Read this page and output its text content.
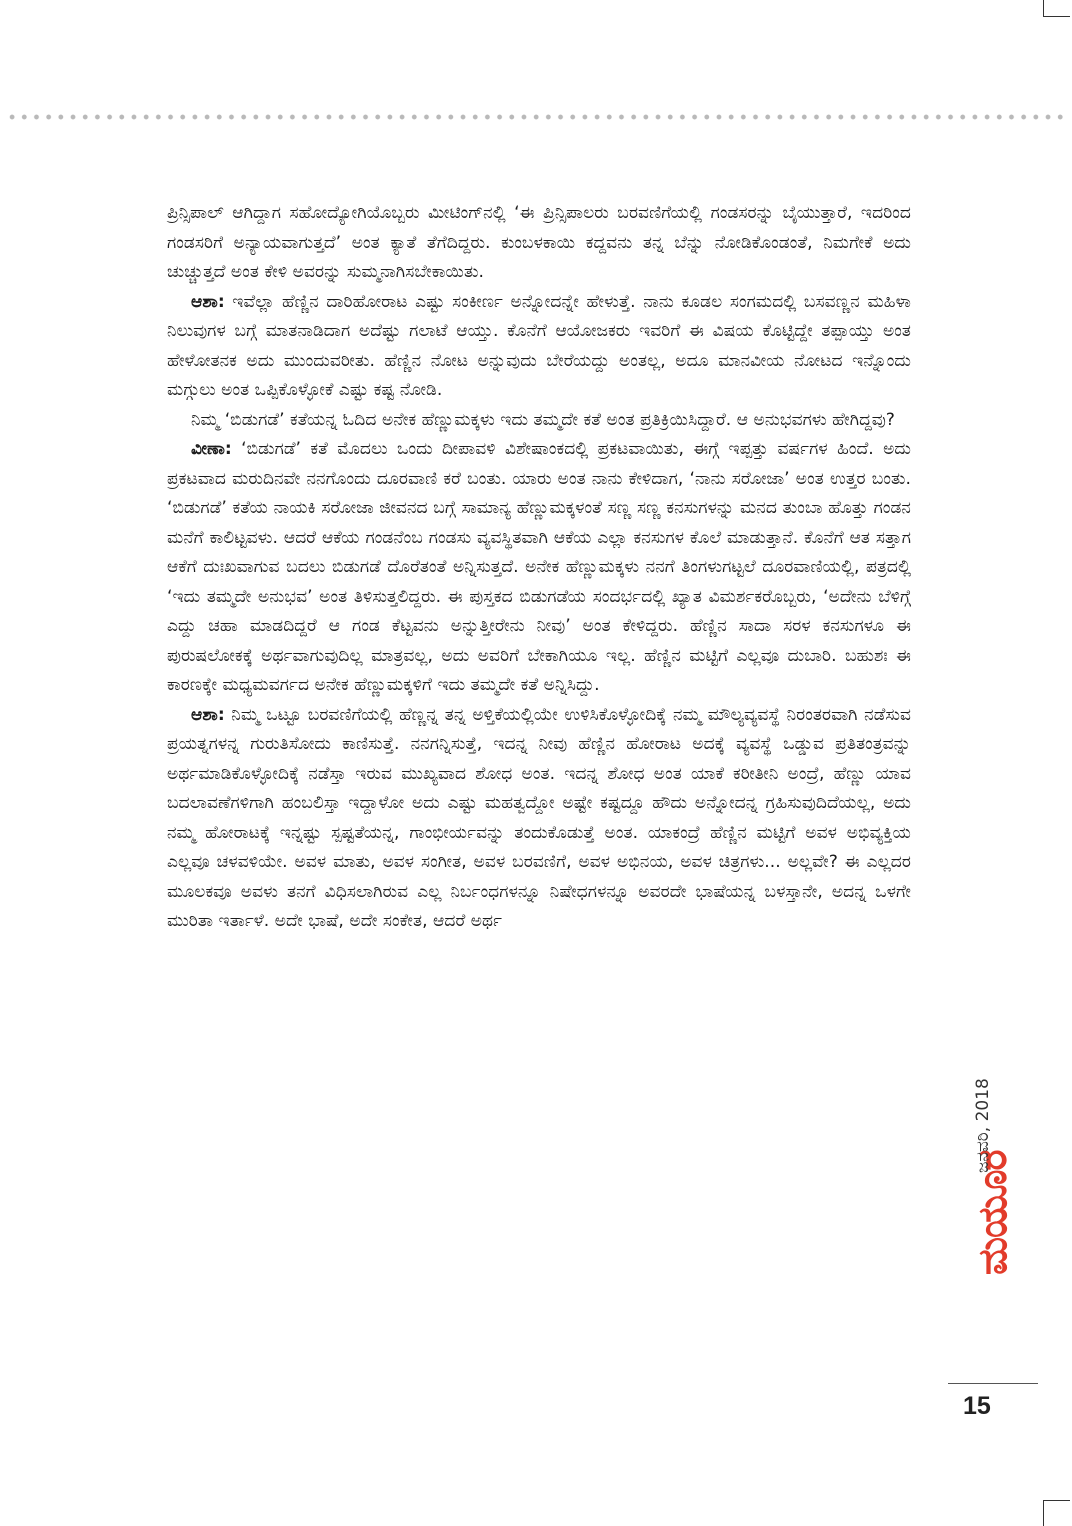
ಪ್ರಿನ್ಸಿಪಾಲ್ ಆಗಿದ್ದಾಗ ಸಹೋದ್ಯೋಗಿಯೊಬ್ಬರು ಮೀಟಿಂಗ್‌ನಲ್ಲಿ ‘ಈ ಪ್ರಿನ್ಸಿಪಾಲರು ಬರವಣಿಗೆಯಲ್ಲಿ ಗಂಡಸರನ್ನು ಬೈಯುತ್ತಾರೆ, ಇದರಿಂದ ಗಂಡಸರಿಗೆ ಅನ್ಯಾಯವಾಗುತ್ತದೆ’ ಅಂತ ಕ್ಯಾತೆ ತೆಗೆದಿದ್ದರು. ಕುಂಬಳಕಾಯಿ ಕದ್ದವನು ತನ್ನ ಬೆನ್ನು ನೋಡಿಕೊಂಡಂತೆ, ನಿಮಗೇಕೆ ಅದು ಚುಚ್ಚುತ್ತದೆ ಅಂತ ಕೇಳಿ ಅವರನ್ನು ಸುಮ್ಮನಾಗಿಸಬೇಕಾಯಿತು.

ಆಶಾ: ಇವೆಲ್ಲಾ ಹೆಣ್ಣಿನ ದಾರಿಹೋರಾಟ ಎಷ್ಟು ಸಂಕೀರ್ಣ ಅನ್ನೋದನ್ನೇ ಹೇಳುತ್ತೆ. ನಾನು ಕೂಡಲ ಸಂಗಮದಲ್ಲಿ ಬಸವಣ್ಣನ ಮಹಿಳಾ ನಿಲುವುಗಳ ಬಗ್ಗೆ ಮಾತನಾಡಿದಾಗ ಅದೆಷ್ಟು ಗಲಾಟೆ ಆಯ್ತು. ಕೊನೆಗೆ ಆಯೋಜಕರು ಇವರಿಗೆ ಈ ವಿಷಯ ಕೊಟ್ಟಿದ್ದೇ ತಪ್ಪಾಯ್ತು ಅಂತ ಹೇಳೋತನಕ ಅದು ಮುಂದುವರೀತು. ಹೆಣ್ಣಿನ ನೋಟ ಅನ್ನುವುದು ಬೇರೆಯದ್ದು ಅಂತಲ್ಲ, ಅದೂ ಮಾನವೀಯ ನೋಟದ ಇನ್ನೊಂದು ಮಗ್ಗುಲು ಅಂತ ಒಪ್ಪಿಕೊಳ್ಳೋಕೆ ಎಷ್ಟು ಕಷ್ಟ ನೋಡಿ.

ನಿಮ್ಮ ‘ಬಿಡುಗಡೆ’ ಕತೆಯನ್ನ ಓದಿದ ಅನೇಕ ಹೆಣ್ಣುಮಕ್ಕಳು ಇದು ತಮ್ಮದೇ ಕತೆ ಅಂತ ಪ್ರತಿಕ್ರಿಯಿಸಿದ್ದಾರೆ. ಆ ಅನುಭವಗಳು ಹೇಗಿದ್ದವು?

ವೀಣಾ: ‘ಬಿಡುಗಡೆ’ ಕತೆ ಮೊದಲು ಒಂದು ದೀಪಾವಳಿ ವಿಶೇಷಾಂಕದಲ್ಲಿ ಪ್ರಕಟವಾಯಿತು, ಈಗ್ಗೆ ಇಪ್ಪತ್ತು ವರ್ಷಗಳ ಹಿಂದೆ. ಅದು ಪ್ರಕಟವಾದ ಮರುದಿನವೇ ನನಗೊಂದು ದೂರವಾಣಿ ಕರೆ ಬಂತು. ಯಾರು ಅಂತ ನಾನು ಕೇಳಿದಾಗ, ‘ನಾನು ಸರೋಜಾ’ ಅಂತ ಉತ್ತರ ಬಂತು. ‘ಬಿಡುಗಡೆ’ ಕತೆಯ ನಾಯಕಿ ಸರೋಜಾ ಜೀವನದ ಬಗ್ಗೆ ಸಾಮಾನ್ಯ ಹೆಣ್ಣುಮಕ್ಕಳಂತೆ ಸಣ್ಣ ಸಣ್ಣ ಕನಸುಗಳನ್ನು ಮನದ ತುಂಬಾ ಹೊತ್ತು ಗಂಡನ ಮನೆಗೆ ಕಾಲಿಟ್ಟವಳು. ಆದರೆ ಆಕೆಯ ಗಂಡನೆಂಬ ಗಂಡಸು ವ್ಯವಸ್ಥಿತವಾಗಿ ಆಕೆಯ ಎಲ್ಲಾ ಕನಸುಗಳ ಕೊಲೆ ಮಾಡುತ್ತಾನೆ. ಕೊನೆಗೆ ಆತ ಸತ್ತಾಗ ಆಕೆಗೆ ದುಃಖವಾಗುವ ಬದಲು ಬಿಡುಗಡೆ ದೊರೆತಂತೆ ಅನ್ನಿಸುತ್ತದೆ. ಅನೇಕ ಹೆಣ್ಣುಮಕ್ಕಳು ನನಗೆ ತಿಂಗಳುಗಟ್ಟಲೆ ದೂರವಾಣಿಯಲ್ಲಿ, ಪತ್ರದಲ್ಲಿ ‘ಇದು ತಮ್ಮದೇ ಅನುಭವ’ ಅಂತ ತಿಳಿಸುತ್ತಲಿದ್ದರು. ಈ ಪುಸ್ತಕದ ಬಿಡುಗಡೆಯ ಸಂದರ್ಭದಲ್ಲಿ ಖ್ಯಾತ ವಿಮರ್ಶಕರೊಬ್ಬರು, ‘ಅದೇನು ಬೆಳಿಗ್ಗೆ ಎದ್ದು ಚಹಾ ಮಾಡದಿದ್ದರೆ ಆ ಗಂಡ ಕೆಟ್ಟವನು ಅನ್ನುತ್ತೀರೇನು ನೀವು’ ಅಂತ ಕೇಳಿದ್ದರು. ಹೆಣ್ಣಿನ ಸಾದಾ ಸರಳ ಕನಸುಗಳೂ ಈ ಪುರುಷಲೋಕಕ್ಕೆ ಅರ್ಥವಾಗುವುದಿಲ್ಲ ಮಾತ್ರವಲ್ಲ, ಅದು ಅವರಿಗೆ ಬೇಕಾಗಿಯೂ ಇಲ್ಲ. ಹೆಣ್ಣಿನ ಮಟ್ಟಿಗೆ ಎಲ್ಲವೂ ದುಬಾರಿ. ಬಹುಶಃ ಈ ಕಾರಣಕ್ಕೇ ಮಧ್ಯಮವರ್ಗದ ಅನೇಕ ಹೆಣ್ಣುಮಕ್ಕಳಿಗೆ ಇದು ತಮ್ಮದೇ ಕತೆ ಅನ್ನಿಸಿದ್ದು.

ಆಶಾ: ನಿಮ್ಮ ಒಟ್ಟೂ ಬರವಣಿಗೆಯಲ್ಲಿ ಹೆಣ್ಣನ್ನ ತನ್ನ ಅಳ್ತಿಕೆಯಲ್ಲಿಯೇ ಉಳಿಸಿಕೊಳ್ಳೋದಿಕ್ಕೆ ನಮ್ಮ ಮೌಲ್ಯವ್ಯವಸ್ಥೆ ನಿರಂತರವಾಗಿ ನಡೆಸುವ ಪ್ರಯತ್ನಗಳನ್ನ ಗುರುತಿಸೋದು ಕಾಣಿಸುತ್ತೆ. ನನಗನ್ನಿಸುತ್ತೆ, ಇದನ್ನ ನೀವು ಹೆಣ್ಣಿನ ಹೋರಾಟ ಅದಕ್ಕೆ ವ್ಯವಸ್ಥೆ ಒಡ್ಡುವ ಪ್ರತಿತಂತ್ರವನ್ನು ಅರ್ಥಮಾಡಿಕೊಳ್ಳೋದಿಕ್ಕೆ ನಡೆಸ್ತಾ ಇರುವ ಮುಖ್ಯವಾದ ಶೋಧ ಅಂತ. ಇದನ್ನ ಶೋಧ ಅಂತ ಯಾಕೆ ಕರೀತೀನಿ ಅಂದ್ರೆ, ಹೆಣ್ಣು ಯಾವ ಬದಲಾವಣೆಗಳಿಗಾಗಿ ಹಂಬಲಿಸ್ತಾ ಇದ್ದಾಳೋ ಅದು ಎಷ್ಟು ಮಹತ್ವದ್ದೋ ಅಷ್ಟೇ ಕಷ್ಟದ್ದೂ ಹೌದು ಅನ್ನೋದನ್ನ ಗ್ರಹಿಸುವುದಿದೆಯಲ್ಲ, ಅದು ನಮ್ಮ ಹೋರಾಟಕ್ಕೆ ಇನ್ನಷ್ಟು ಸ್ಪಷ್ಟತೆಯನ್ನ, ಗಾಂಭೀರ್ಯವನ್ನು ತಂದುಕೊಡುತ್ತೆ ಅಂತ. ಯಾಕಂದ್ರೆ ಹೆಣ್ಣಿನ ಮಟ್ಟಿಗೆ ಅವಳ ಅಭಿವ್ಯಕ್ತಿಯ ಎಲ್ಲವೂ ಚಳವಳಿಯೇ. ಅವಳ ಮಾತು, ಅವಳ ಸಂಗೀತ, ಅವಳ ಬರವಣಿಗೆ, ಅವಳ ಅಭಿನಯ, ಅವಳ ಚಿತ್ರಗಳು... ಅಲ್ಲವೇ? ಈ ಎಲ್ಲದರ ಮೂಲಕವೂ ಅವಳು ತನಗೆ ವಿಧಿಸಲಾಗಿರುವ ಎಲ್ಲ ನಿರ್ಬಂಧಗಳನ್ನೂ ನಿಷೇಧಗಳನ್ನೂ ಅವರದೇ ಭಾಷೆಯನ್ನ ಬಳಸ್ತಾನೇ, ಅದನ್ನ ಒಳಗೇ ಮುರಿತಾ ಇರ್ತಾಳೆ. ಅದೇ ಭಾಷೆ, ಅದೇ ಸಂಕೇತ, ಆದರೆ ಅರ್ಥ

ಮಯೂರ
ಜನವರಿ, 2018
15
